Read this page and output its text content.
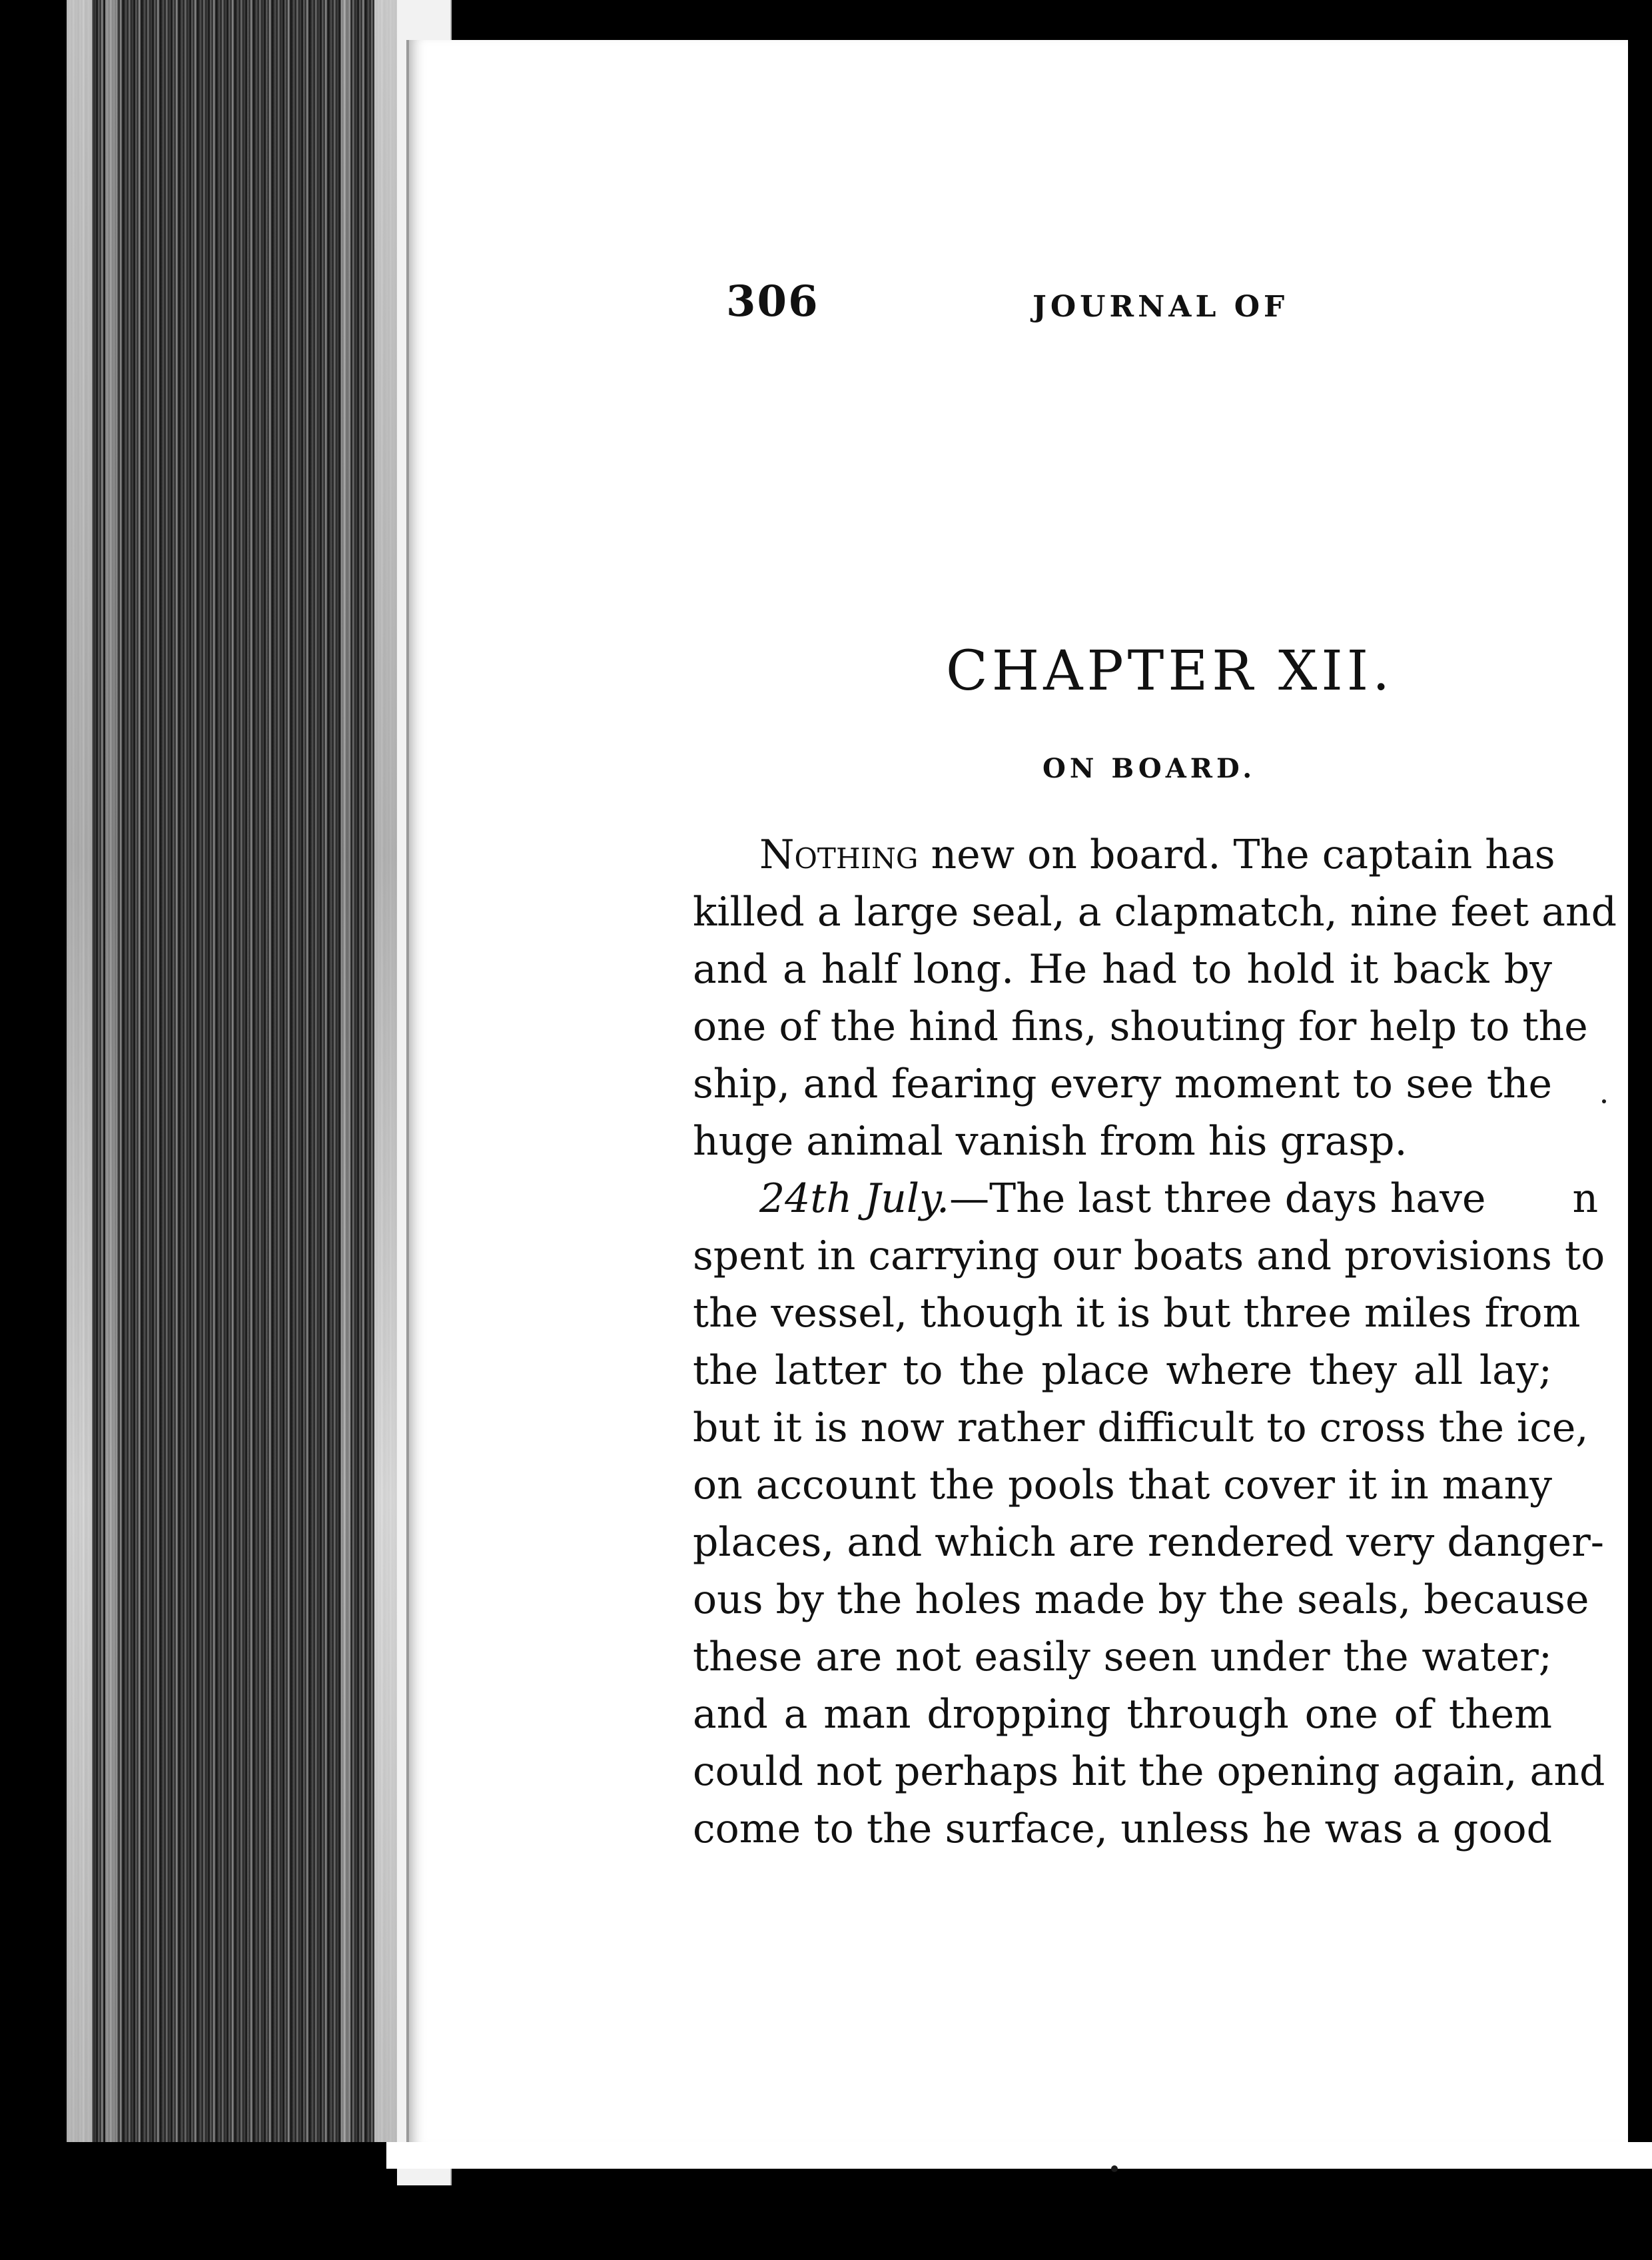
306	JOURNAL OF
CHAPTER XII.
ON BOARD.
Nothing new on board. The captain has
killed a large seal, a clapmatch, nine feet and
and a half long. He had to hold it back by
one of the hind fins, shouting for help to the
ship, and fearing every moment to see the
huge animal vanish from his grasp.
24th July.—The last three days have n
spent in carrying our boats and provisions to
the vessel, though it is but three miles from
the latter to the place where they all lay;
but it is now rather difficult to cross the ice,
on account the pools that cover it in many
places, and which are rendered very danger-
ous by the holes made by the seals, because
these are not easily seen under the water;
and a man dropping through one of them
could not perhaps hit the opening again, and
come to the surface, unless he was a good
